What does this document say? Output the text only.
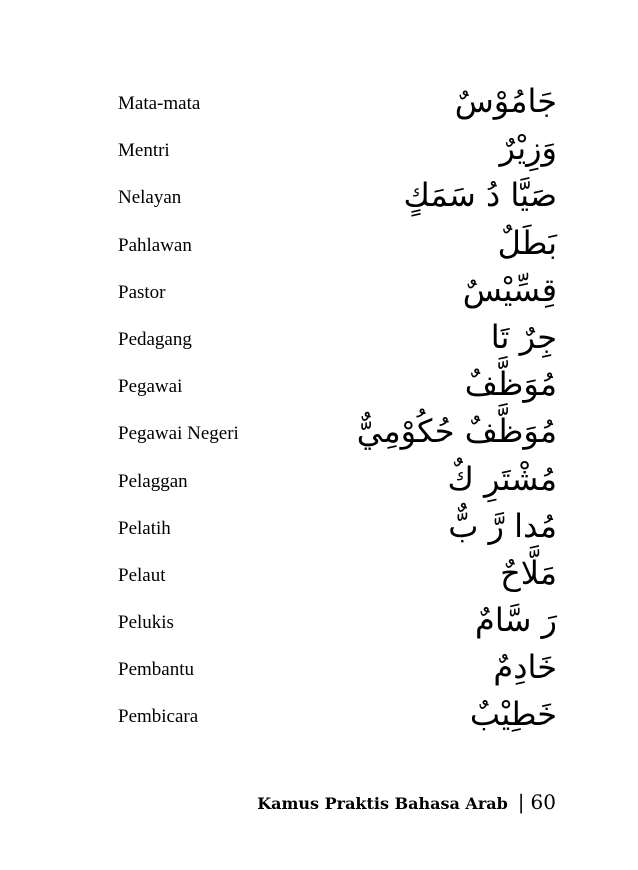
Mata-mata	جَامُوْسٌ
Mentri	وَزِيْرٌ
Nelayan	صَيَّا دُ سَمَكٍ
Pahlawan	بَطَلٌ
Pastor	قِسِّيْسٌ
Pedagang	جِرٌ تَا
Pegawai	مُوَظَّفٌ
Pegawai Negeri	مُوَظَّفٌ حُكُوْمِيٌّ
Pelaggan	مُشْتَرِ كٌ
Pelatih	مُدا رَّ بٌّ
Pelaut	مَلَّاحٌ
Pelukis	رَ سَّامٌ
Pembantu	خَادِمٌ
Pembicara	خَطِيْبٌ
Kamus Praktis Bahasa Arab | 60
